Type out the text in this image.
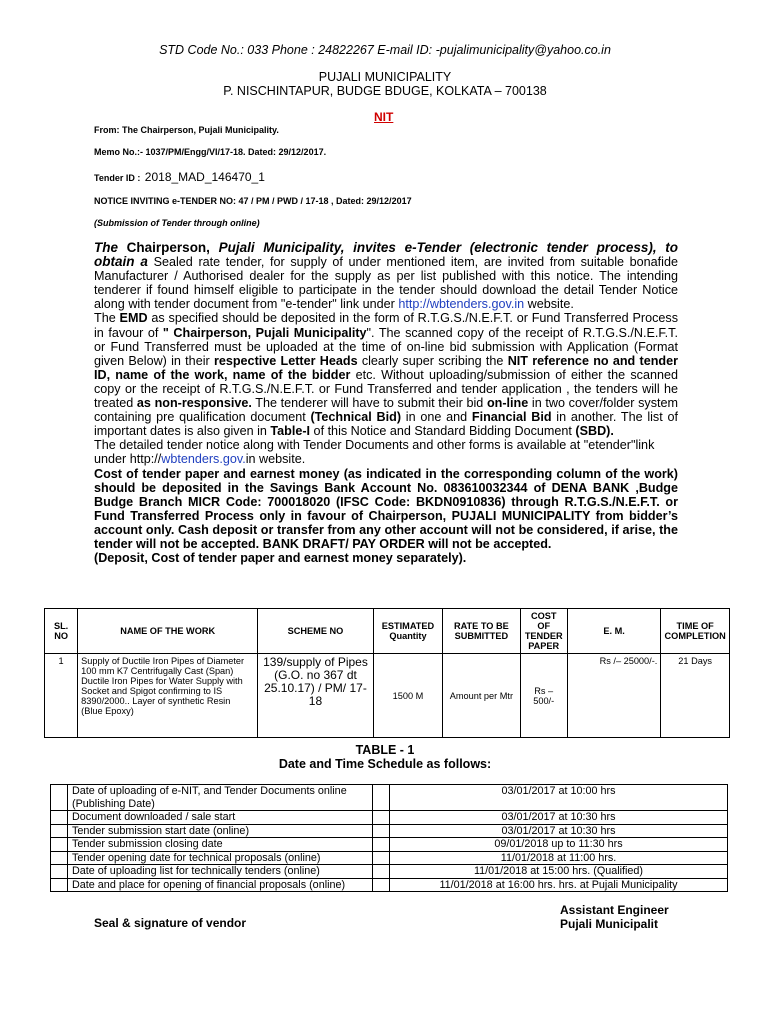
STD Code No.: 033 Phone : 24822267 E-mail ID: -pujalimunicipality@yahoo.co.in
PUJALI MUNICIPALITY
P. NISCHINTAPUR, BUDGE BDUGE, KOLKATA – 700138
NIT
From: The Chairperson, Pujali Municipality.
Memo No.:- 1037/PM/Engg/VI/17-18. Dated: 29/12/2017.
Tender ID : 2018_MAD_146470_1
NOTICE INVITING e-TENDER NO: 47 / PM / PWD / 17-18 , Dated: 29/12/2017
(Submission of Tender through online)

The Chairperson, Pujali Municipality, invites e-Tender (electronic tender process), to obtain a Sealed rate tender, for supply of under mentioned item, are invited from suitable bonafide Manufacturer / Authorised dealer for the supply as per list published with this notice. The intending tenderer if found himself eligible to participate in the tender should download the detail Tender Notice along with tender document from "e-tender" link under http://wbtenders.gov.in website.

The EMD as specified should be deposited in the form of R.T.G.S./N.E.F.T. or Fund Transferred Process in favour of " Chairperson, Pujali Municipality". The scanned copy of the receipt of R.T.G.S./N.E.F.T. or Fund Transferred must be uploaded at the time of on-line bid submission with Application (Format given Below) in their respective Letter Heads clearly super scribing the NIT reference no and tender ID, name of the work, name of the bidder etc. Without uploading/submission of either the scanned copy or the receipt of R.T.G.S./N.E.F.T. or Fund Transferred and tender application , the tenders will he treated as non-responsive. The tenderer will have to submit their bid on-line in two cover/folder system containing pre qualification document (Technical Bid) in one and Financial Bid in another. The list of important dates is also given in Table-I of this Notice and Standard Bidding Document (SBD).

The detailed tender notice along with Tender Documents and other forms is available at "etender"link under http://wbtenders.gov.in website.

Cost of tender paper and earnest money (as indicated in the corresponding column of the work) should be deposited in the Savings Bank Account No. 083610032344 of DENA BANK ,Budge Budge Branch MICR Code: 700018020 (IFSC Code: BKDN0910836) through R.T.G.S./N.E.F.T. or Fund Transferred Process only in favour of Chairperson, PUJALI MUNICIPALITY from bidder’s account only. Cash deposit or transfer from any other account will not be considered, if arise, the tender will not be accepted. BANK DRAFT/ PAY ORDER will not be accepted.

(Deposit, Cost of tender paper and earnest money separately).

SL. NO	NAME OF THE WORK	SCHEME NO	ESTIMATED Quantity	RATE TO BE SUBMITTED	COST OF TENDER PAPER	E. M.	TIME OF COMPLETION
1	Supply of Ductile Iron Pipes of Diameter 100 mm K7 Centrifugally Cast (Span) Ductile Iron Pipes for Water Supply with Socket and Spigot confirming to IS 8390/2000.. Layer of synthetic Resin (Blue Epoxy)	139/supply of Pipes (G.O. no 367 dt 25.10.17) / PM/ 17-18	1500 M	Amount per Mtr	Rs – 500/-	Rs /– 25000/-.	21 Days
TABLE - 1
Date and Time Schedule as follows:
	Date of uploading of e-NIT, and Tender Documents online (Publishing Date)		03/01/2017 at 10:00 hrs
	Document downloaded / sale start		03/01/2017 at 10:30 hrs
	Tender submission start date (online)		03/01/2017 at 10:30 hrs
	Tender submission closing date		09/01/2018 up to 11:30 hrs
	Tender opening date for technical proposals (online)		11/01/2018 at 11:00 hrs.
	Date of uploading list for technically tenders (online)		11/01/2018 at 15:00 hrs. (Qualified)
	Date and place for opening of financial proposals (online)		11/01/2018 at 16:00 hrs. hrs. at Pujali Municipality
Seal & signature of vendor
Assistant Engineer
Pujali Municipalit
